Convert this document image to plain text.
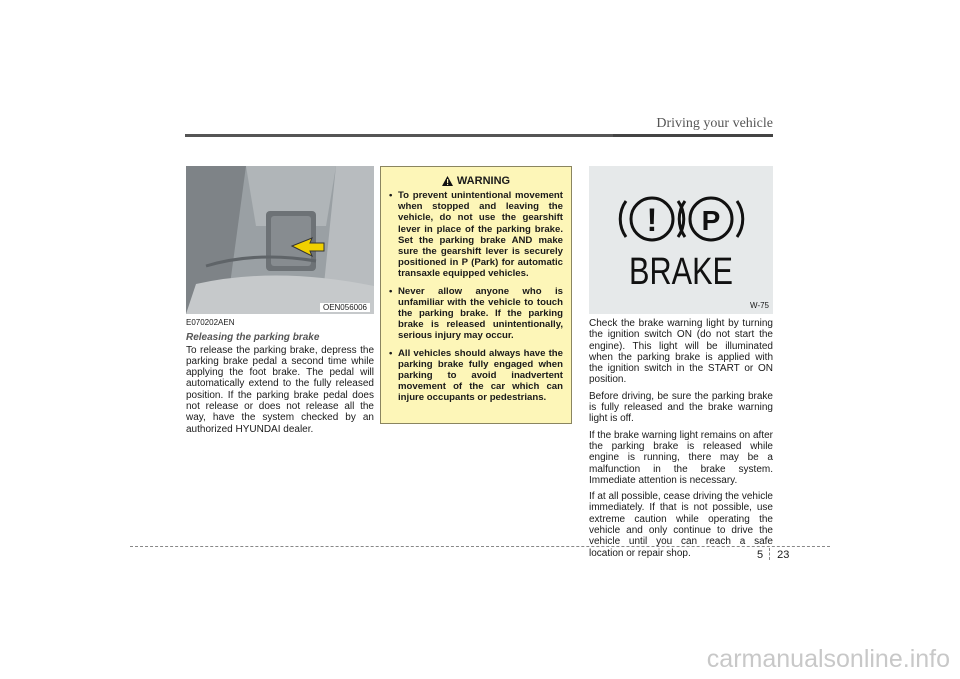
Driving your vehicle
OEN056006
E070202AEN
Releasing the parking brake

To release the parking brake, depress the parking brake pedal a second time while applying the foot brake. The pedal will automatically extend to the fully released position. If the parking brake pedal does not release or does not release all the way, have the system checked by an authorized HYUNDAI dealer.

WARNING
• To prevent unintentional movement when stopped and leaving the vehicle, do not use the gearshift lever in place of the parking brake. Set the parking brake AND make sure the gearshift lever is securely positioned in P (Park) for automatic transaxle equipped vehicles.
• Never allow anyone who is unfamiliar with the vehicle to touch the parking brake. If the parking brake is released unintentionally, serious injury may occur.
• All vehicles should always have the parking brake fully engaged when parking to avoid inadvertent movement of the car which can injure occupants or pedestrians.
! P
BRAKE
W-75

Check the brake warning light by turning the ignition switch ON (do not start the engine). This light will be illuminated when the parking brake is applied with the ignition switch in the START or ON position.

Before driving, be sure the parking brake is fully released and the brake warning light is off.

If the brake warning light remains on after the parking brake is released while engine is running, there may be a malfunction in the brake system. Immediate attention is necessary.

If at all possible, cease driving the vehicle immediately. If that is not possible, use extreme caution while operating the vehicle and only continue to drive the vehicle until you can reach a safe location or repair shop.	5 23
carmanualsonline.info
